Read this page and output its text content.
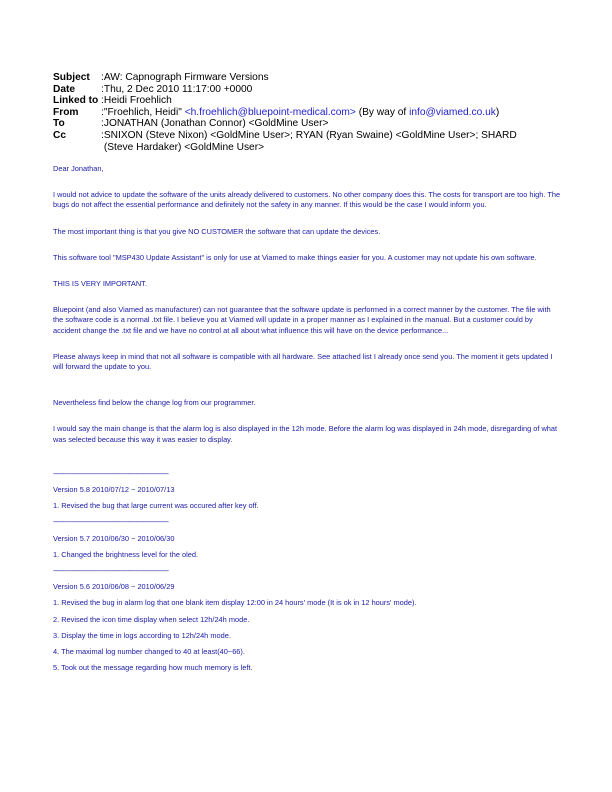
Subject	:AW: Capnograph Firmware Versions
Date	:Thu, 2 Dec 2010 11:17:00 +0000
Linked to :Heidi Froehlich
From	:"Froehlich, Heidi" <h.froehlich@bluepoint-medical.com> (By way of info@viamed.co.uk)
To	:JONATHAN (Jonathan Connor) <GoldMine User>
Cc	:SNIXON (Steve Nixon) <GoldMine User>; RYAN (Ryan Swaine) <GoldMine User>; SHARD
(Steve Hardaker) <GoldMine User>

Dear Jonathan,

I would not advice to update the software of the units already delivered to customers. No other company does this. The costs for transport are too high. The bugs do not affect the essential performance and definitely not the safety in any manner. If this would be the case I would inform you.

The most important thing is that you give NO CUSTOMER the software that can update the devices.

This software tool "MSP430 Update Assistant" is only for use at Viamed to make things easier for you. A customer may not update his own software.

THIS IS VERY IMPORTANT.

Bluepoint (and also Viamed as manufacturer) can not guarantee that the software update is performed in a correct manner by the customer. The file with the software code is a normal .txt file. I believe you at Viamed will update in a proper manner as I explained in the manual. But a customer could by accident change the .txt file and we have no control at all about what influence this will have on the device performance...

Please always keep in mind that not all software is compatible with all hardware. See attached list I already once send you. The moment it gets updated I will forward the update to you.

Nevertheless find below the change log from our programmer.

I would say the main change is that the alarm log is also displayed in the 12h mode. Before the alarm log was displayed in 24h mode, disregarding of what was selected because this way it was easier to display.

--------------------------------------------------------------

Version 5.8 2010/07/12 ~ 2010/07/13

1. Revised the bug that large current was occured after key off.

--------------------------------------------------------------

Version 5.7 2010/06/30 ~ 2010/06/30

1. Changed the brightness level for the oled.

--------------------------------------------------------------

Version 5.6 2010/06/08 ~ 2010/06/29

1. Revised the bug in alarm log that one blank item display 12:00 in 24 hours' mode (It is ok in 12 hours' mode).

2. Revised the icon time display when select 12h/24h mode.

3. Display the time in logs according to 12h/24h mode.

4. The maximal log number changed to 40 at least(40~66).

5. Took out the message regarding how much memory is left.
